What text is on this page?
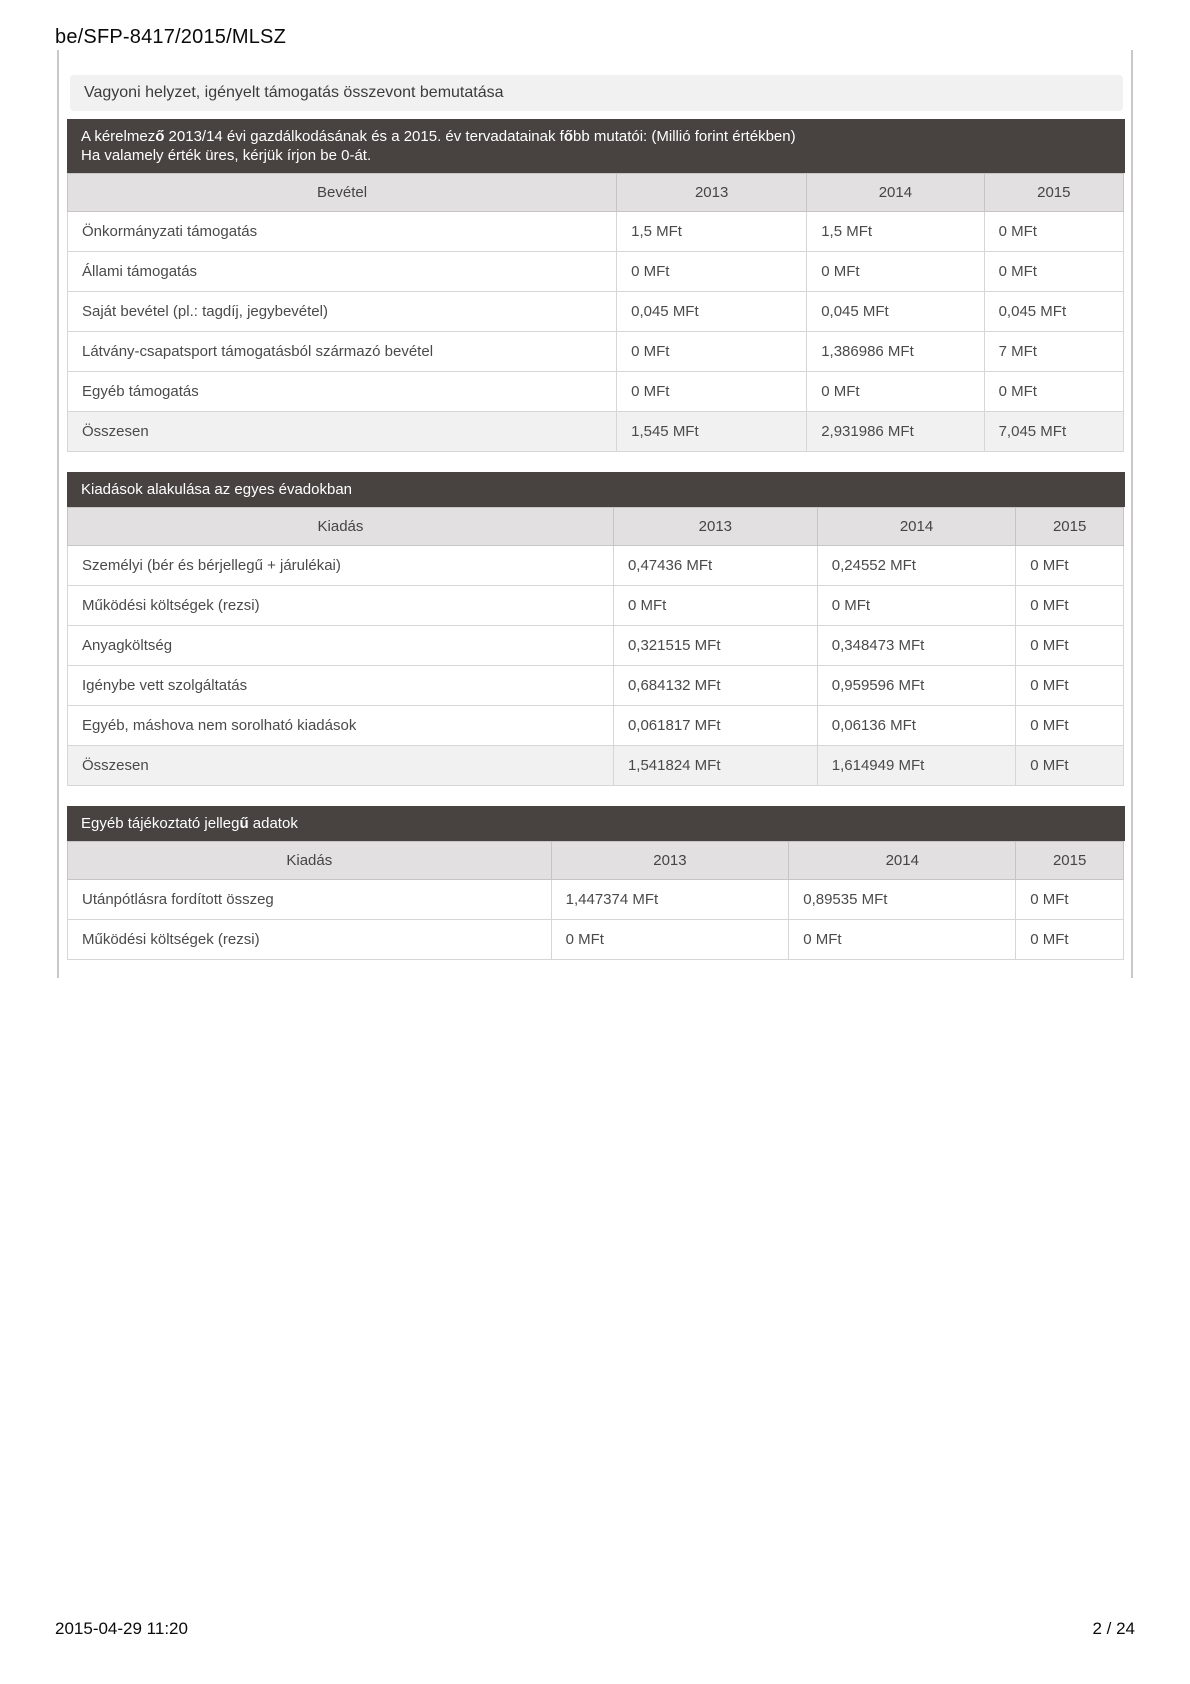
be/SFP-8417/2015/MLSZ
Vagyoni helyzet, igényelt támogatás összevont bemutatása
A kérelmező 2013/14 évi gazdálkodásának és a 2015. év tervadatainak főbb mutatói: (Millió forint értékben)
Ha valamely érték üres, kérjük írjon be 0-át.
Bevétel	2013	2014	2015
Önkormányzati támogatás	1,5 MFt	1,5 MFt	0 MFt
Állami támogatás	0 MFt	0 MFt	0 MFt
Saját bevétel (pl.: tagdíj, jegybevétel)	0,045 MFt	0,045 MFt	0,045 MFt
Látvány-csapatsport támogatásból származó bevétel	0 MFt	1,386986 MFt	7 MFt
Egyéb támogatás	0 MFt	0 MFt	0 MFt
Összesen	1,545 MFt	2,931986 MFt	7,045 MFt
Kiadások alakulása az egyes évadokban
Kiadás	2013	2014	2015
Személyi (bér és bérjellegű + járulékai)	0,47436 MFt	0,24552 MFt	0 MFt
Működési költségek (rezsi)	0 MFt	0 MFt	0 MFt
Anyagköltség	0,321515 MFt	0,348473 MFt	0 MFt
Igénybe vett szolgáltatás	0,684132 MFt	0,959596 MFt	0 MFt
Egyéb, máshova nem sorolható kiadások	0,061817 MFt	0,06136 MFt	0 MFt
Összesen	1,541824 MFt	1,614949 MFt	0 MFt
Egyéb tájékoztató jellegű adatok
Kiadás	2013	2014	2015
Utánpótlásra fordított összeg	1,447374 MFt	0,89535 MFt	0 MFt
Működési költségek (rezsi)	0 MFt	0 MFt	0 MFt
2015-04-29 11:20	2 / 24
